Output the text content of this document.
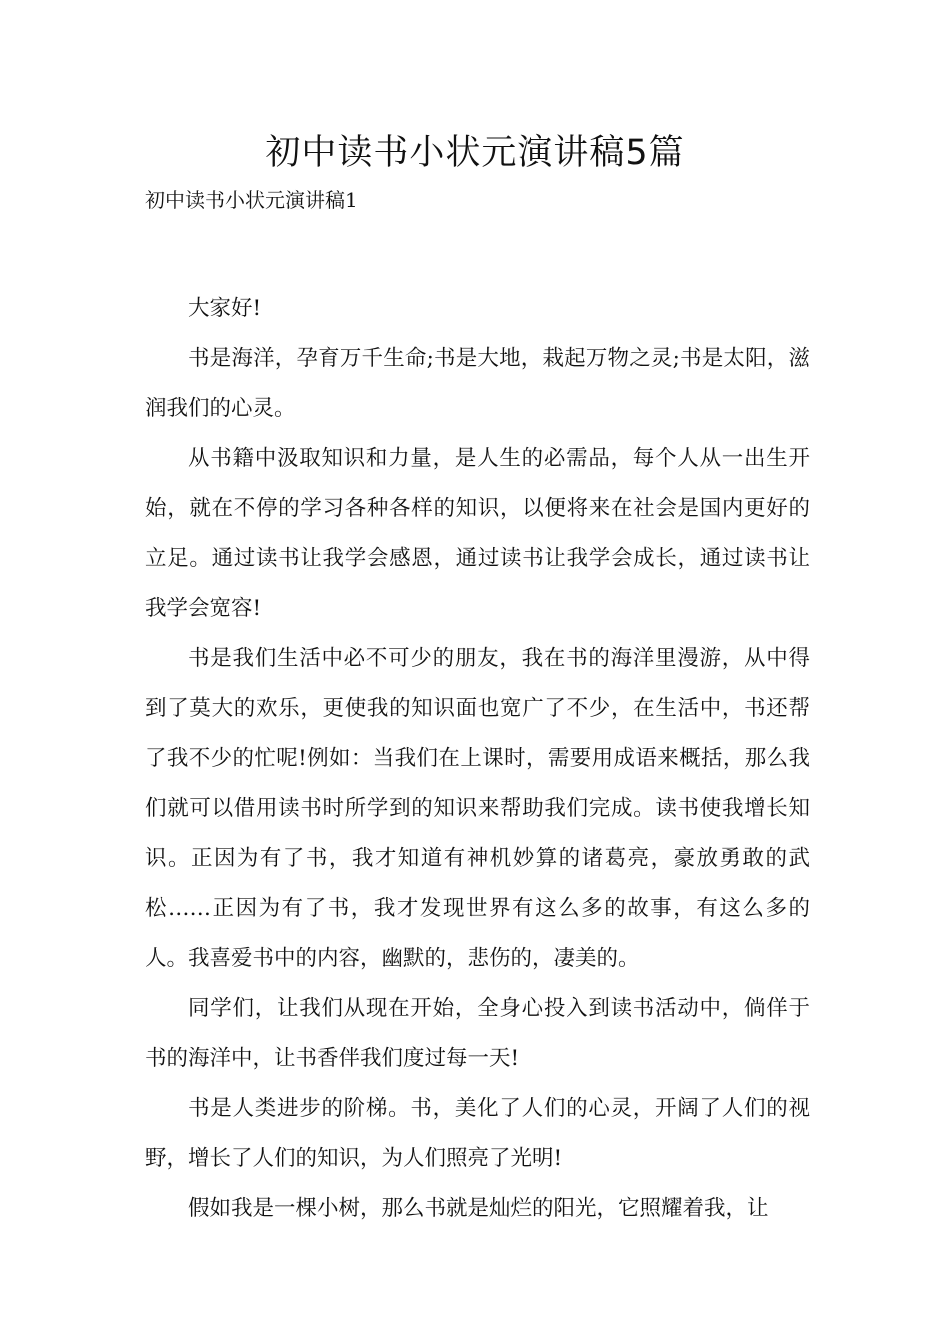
初中读书小状元演讲稿5篇
初中读书小状元演讲稿1

大家好!

书是海洋，孕育万千生命;书是大地，栽起万物之灵;书是太阳，滋润我们的心灵。

从书籍中汲取知识和力量，是人生的必需品，每个人从一出生开始，就在不停的学习各种各样的知识，以便将来在社会是国内更好的立足。通过读书让我学会感恩，通过读书让我学会成长，通过读书让我学会宽容!

书是我们生活中必不可少的朋友，我在书的海洋里漫游，从中得到了莫大的欢乐，更使我的知识面也宽广了不少，在生活中，书还帮了我不少的忙呢!例如：当我们在上课时，需要用成语来概括，那么我们就可以借用读书时所学到的知识来帮助我们完成。读书使我增长知识。正因为有了书，我才知道有神机妙算的诸葛亮，豪放勇敢的武松……正因为有了书，我才发现世界有这么多的故事，有这么多的人。我喜爱书中的内容，幽默的，悲伤的，凄美的。

同学们，让我们从现在开始，全身心投入到读书活动中，倘佯于书的海洋中，让书香伴我们度过每一天!

书是人类进步的阶梯。书，美化了人们的心灵，开阔了人们的视野，增长了人们的知识，为人们照亮了光明!

假如我是一棵小树，那么书就是灿烂的阳光，它照耀着我，让
